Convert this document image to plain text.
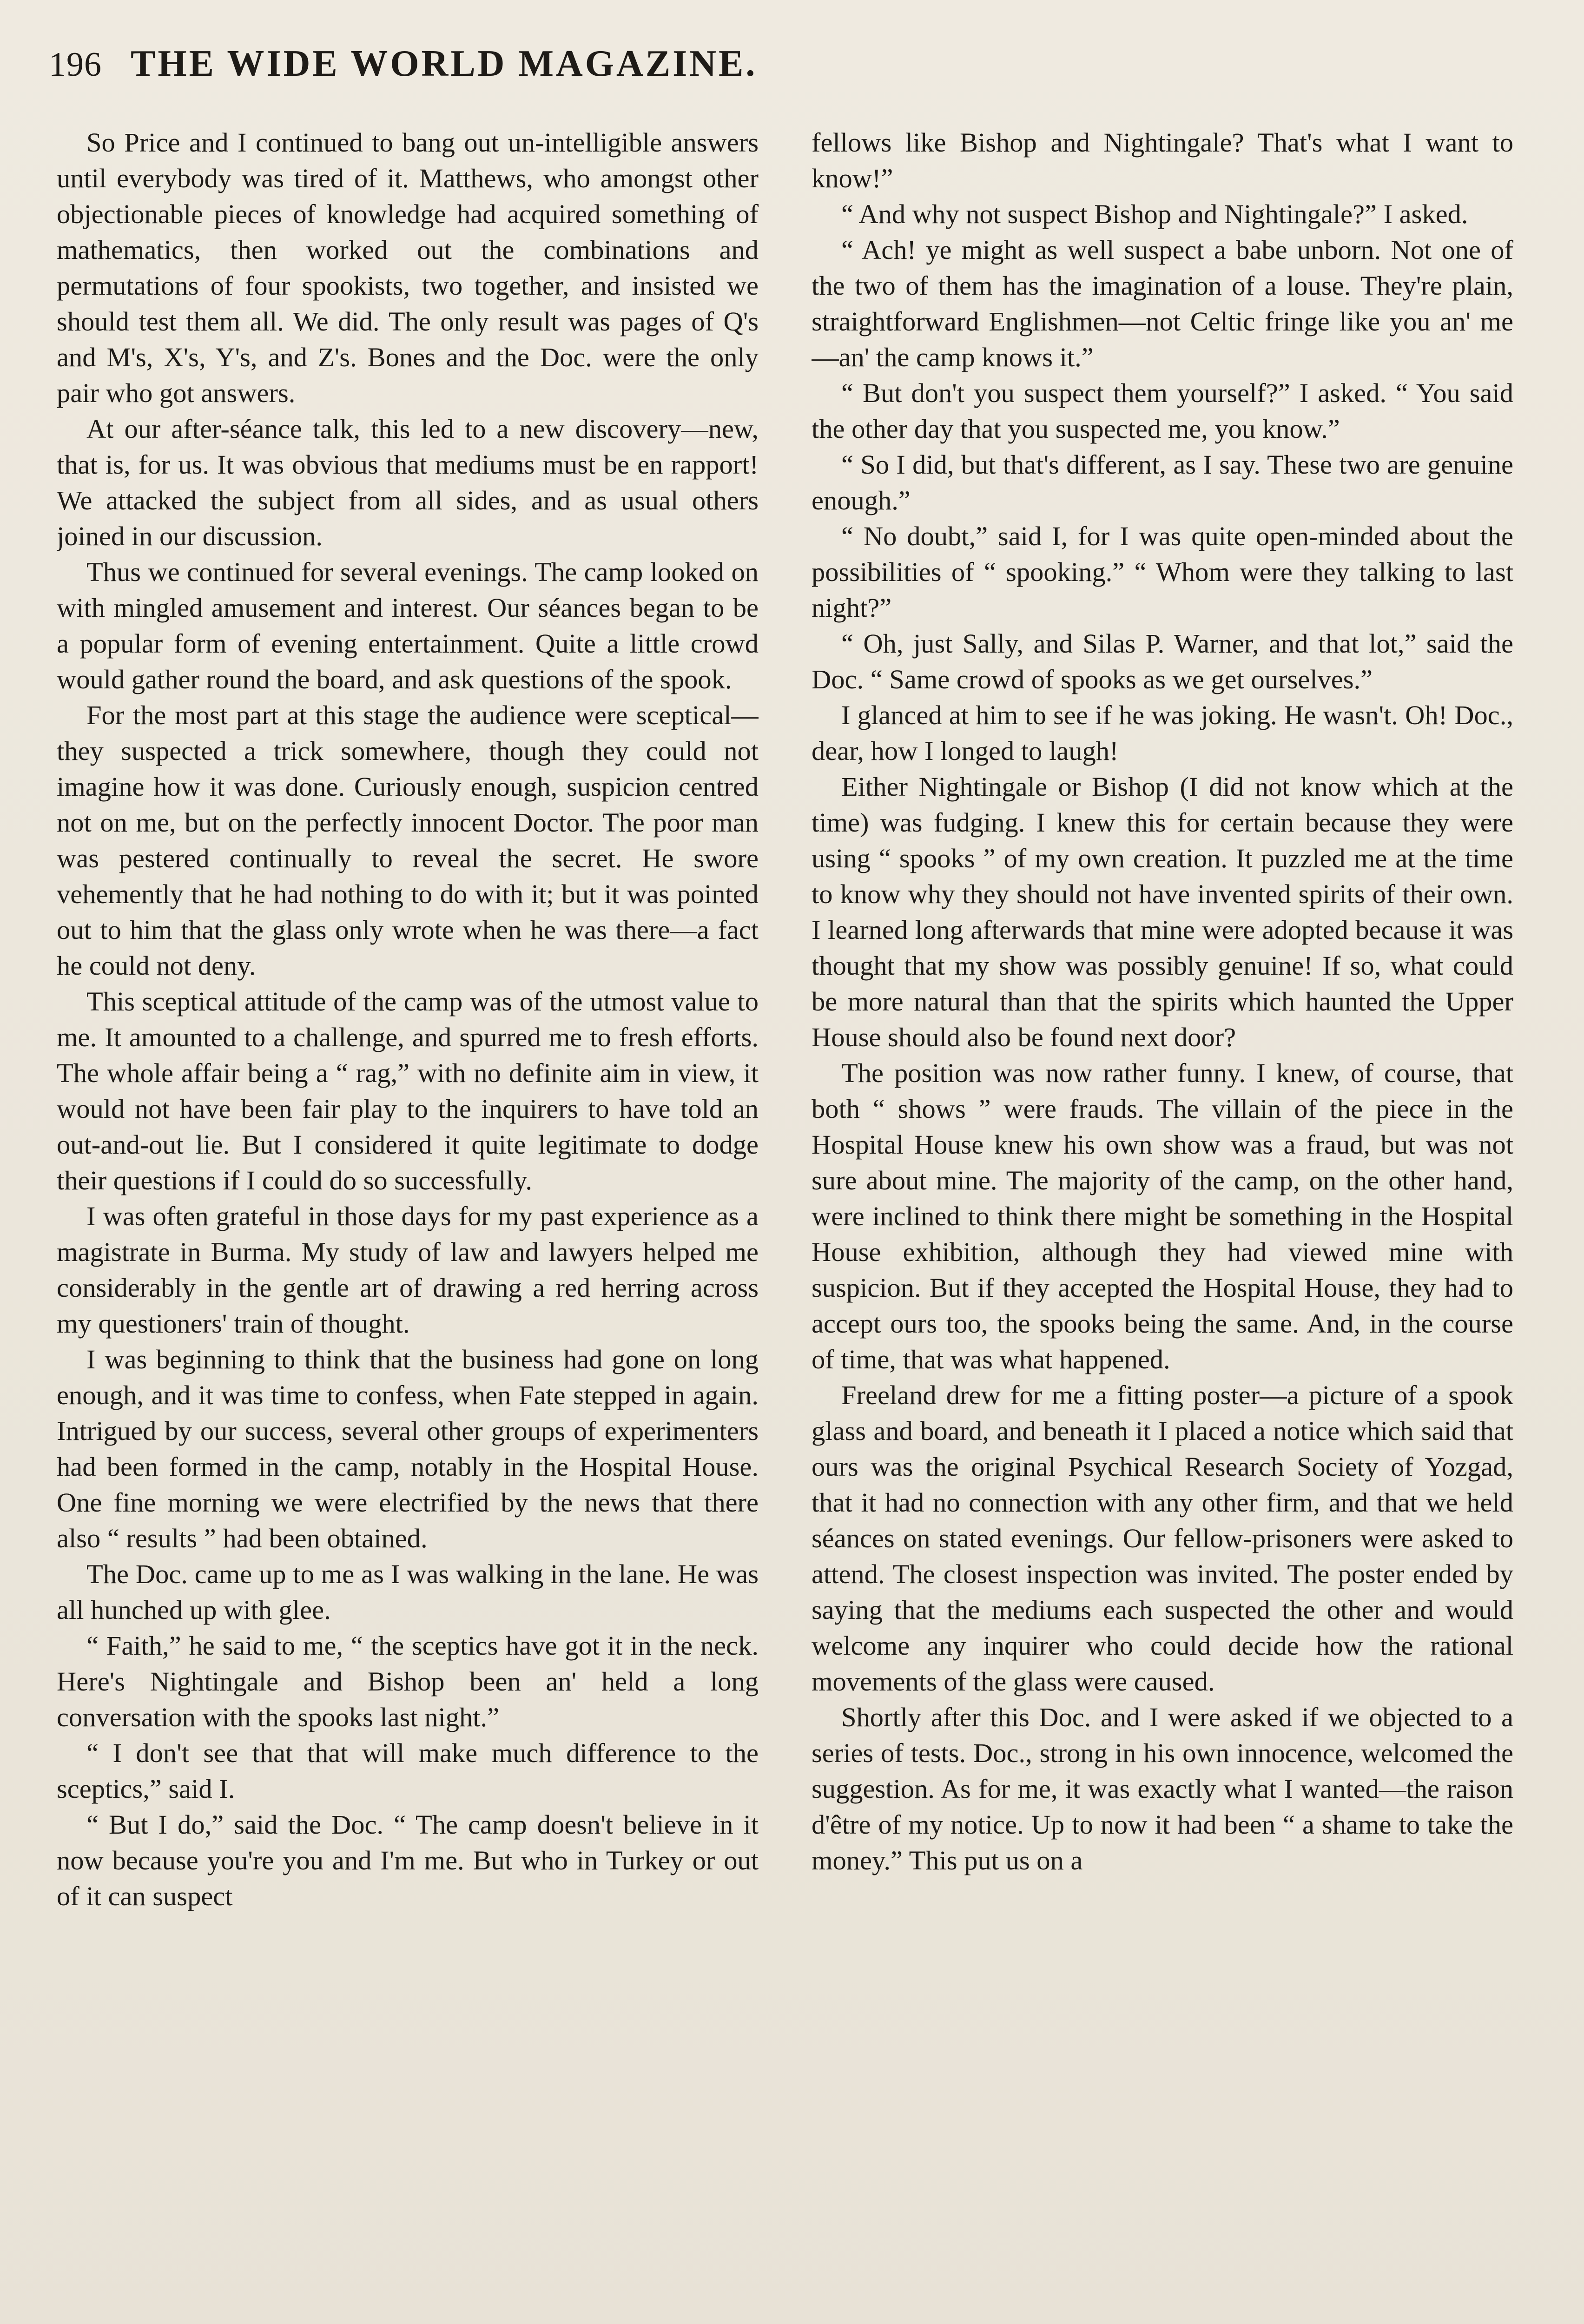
196 THE WIDE WORLD MAGAZINE.

So Price and I continued to bang out un-intelligible answers until everybody was tired of it. Matthews, who amongst other objectionable pieces of knowledge had acquired something of mathematics, then worked out the combinations and permutations of four spookists, two together, and insisted we should test them all. We did. The only result was pages of Q's and M's, X's, Y's, and Z's. Bones and the Doc. were the only pair who got answers.

At our after-séance talk, this led to a new discovery—new, that is, for us. It was obvious that mediums must be en rapport! We attacked the subject from all sides, and as usual others joined in our discussion.

Thus we continued for several evenings. The camp looked on with mingled amusement and interest. Our séances began to be a popular form of evening entertainment. Quite a little crowd would gather round the board, and ask questions of the spook.

For the most part at this stage the audience were sceptical—they suspected a trick somewhere, though they could not imagine how it was done. Curiously enough, suspicion centred not on me, but on the perfectly innocent Doctor. The poor man was pestered continually to reveal the secret. He swore vehemently that he had nothing to do with it; but it was pointed out to him that the glass only wrote when he was there—a fact he could not deny.

This sceptical attitude of the camp was of the utmost value to me. It amounted to a challenge, and spurred me to fresh efforts. The whole affair being a “ rag,” with no definite aim in view, it would not have been fair play to the inquirers to have told an out-and-out lie. But I considered it quite legitimate to dodge their questions if I could do so successfully.

I was often grateful in those days for my past experience as a magistrate in Burma. My study of law and lawyers helped me considerably in the gentle art of drawing a red herring across my questioners' train of thought.

I was beginning to think that the business had gone on long enough, and it was time to confess, when Fate stepped in again. Intrigued by our success, several other groups of experimenters had been formed in the camp, notably in the Hospital House. One fine morning we were electrified by the news that there also “ results ” had been obtained.

The Doc. came up to me as I was walking in the lane. He was all hunched up with glee.

“ Faith,” he said to me, “ the sceptics have got it in the neck. Here's Nightingale and Bishop been an' held a long conversation with the spooks last night.”

“ I don't see that that will make much difference to the sceptics,” said I.

“ But I do,” said the Doc. “ The camp doesn't believe in it now because you're you and I'm me. But who in Turkey or out of it can suspect

fellows like Bishop and Nightingale? That's what I want to know!”

“ And why not suspect Bishop and Nightingale?” I asked.

“ Ach! ye might as well suspect a babe unborn. Not one of the two of them has the imagination of a louse. They're plain, straightforward Englishmen—not Celtic fringe like you an' me—an' the camp knows it.”

“ But don't you suspect them yourself?” I asked. “ You said the other day that you suspected me, you know.”

“ So I did, but that's different, as I say. These two are genuine enough.”

“ No doubt,” said I, for I was quite open-minded about the possibilities of “ spooking.” “ Whom were they talking to last night?”

“ Oh, just Sally, and Silas P. Warner, and that lot,” said the Doc. “ Same crowd of spooks as we get ourselves.”

I glanced at him to see if he was joking. He wasn't. Oh! Doc., dear, how I longed to laugh!

Either Nightingale or Bishop (I did not know which at the time) was fudging. I knew this for certain because they were using “ spooks ” of my own creation. It puzzled me at the time to know why they should not have invented spirits of their own. I learned long afterwards that mine were adopted because it was thought that my show was possibly genuine! If so, what could be more natural than that the spirits which haunted the Upper House should also be found next door?

The position was now rather funny. I knew, of course, that both “ shows ” were frauds. The villain of the piece in the Hospital House knew his own show was a fraud, but was not sure about mine. The majority of the camp, on the other hand, were inclined to think there might be something in the Hospital House exhibition, although they had viewed mine with suspicion. But if they accepted the Hospital House, they had to accept ours too, the spooks being the same. And, in the course of time, that was what happened.

Freeland drew for me a fitting poster—a picture of a spook glass and board, and beneath it I placed a notice which said that ours was the original Psychical Research Society of Yozgad, that it had no connection with any other firm, and that we held séances on stated evenings. Our fellow-prisoners were asked to attend. The closest inspection was invited. The poster ended by saying that the mediums each suspected the other and would welcome any inquirer who could decide how the rational movements of the glass were caused.

Shortly after this Doc. and I were asked if we objected to a series of tests. Doc., strong in his own innocence, welcomed the suggestion. As for me, it was exactly what I wanted—the raison d'être of my notice. Up to now it had been “ a shame to take the money.” This put us on a
